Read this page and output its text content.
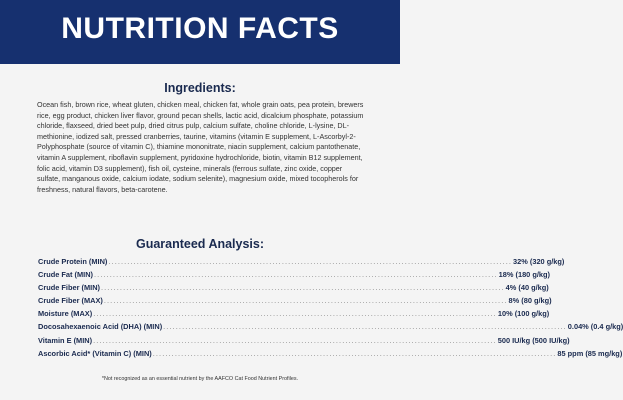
NUTRITION FACTS
Ingredients:
Ocean fish, brown rice, wheat gluten, chicken meal, chicken fat, whole grain oats, pea protein, brewers rice, egg product, chicken liver flavor, ground pecan shells, lactic acid, dicalcium phosphate, potassium chloride, flaxseed, dried beet pulp, dried citrus pulp, calcium sulfate, choline chloride, L-lysine, DL-methionine, iodized salt, pressed cranberries, taurine, vitamins (vitamin E supplement, L-Ascorbyl-2-Polyphosphate (source of vitamin C), thiamine mononitrate, niacin supplement, calcium pantothenate, vitamin A supplement, riboflavin supplement, pyridoxine hydrochloride, biotin, vitamin B12 supplement, folic acid, vitamin D3 supplement), fish oil, cysteine, minerals (ferrous sulfate, zinc oxide, copper sulfate, manganous oxide, calcium iodate, sodium selenite), magnesium oxide, mixed tocopherols for freshness, natural flavors, beta-carotene.
Guaranteed Analysis:
Crude Protein (MIN) ................................................................................................................................ 32% (320 g/kg)
Crude Fat (MIN) ................................................................................................................................ 18% (180 g/kg)
Crude Fiber (MIN) ................................................................................................................................ 4% (40 g/kg)
Crude Fiber (MAX) ................................................................................................................................ 8% (80 g/kg)
Moisture (MAX) ................................................................................................................................ 10% (100 g/kg)
Docosahexaenoic Acid (DHA) (MIN) ................................................................................................................................ 0.04% (0.4 g/kg)
Vitamin E (MIN) ................................................................................................................................ 500 IU/kg (500 IU/kg)
Ascorbic Acid* (Vitamin C) (MIN) ................................................................................................................................ 85 ppm (85 mg/kg)
*Not recognized as an essential nutrient by the AAFCO Cat Food Nutrient Profiles.
